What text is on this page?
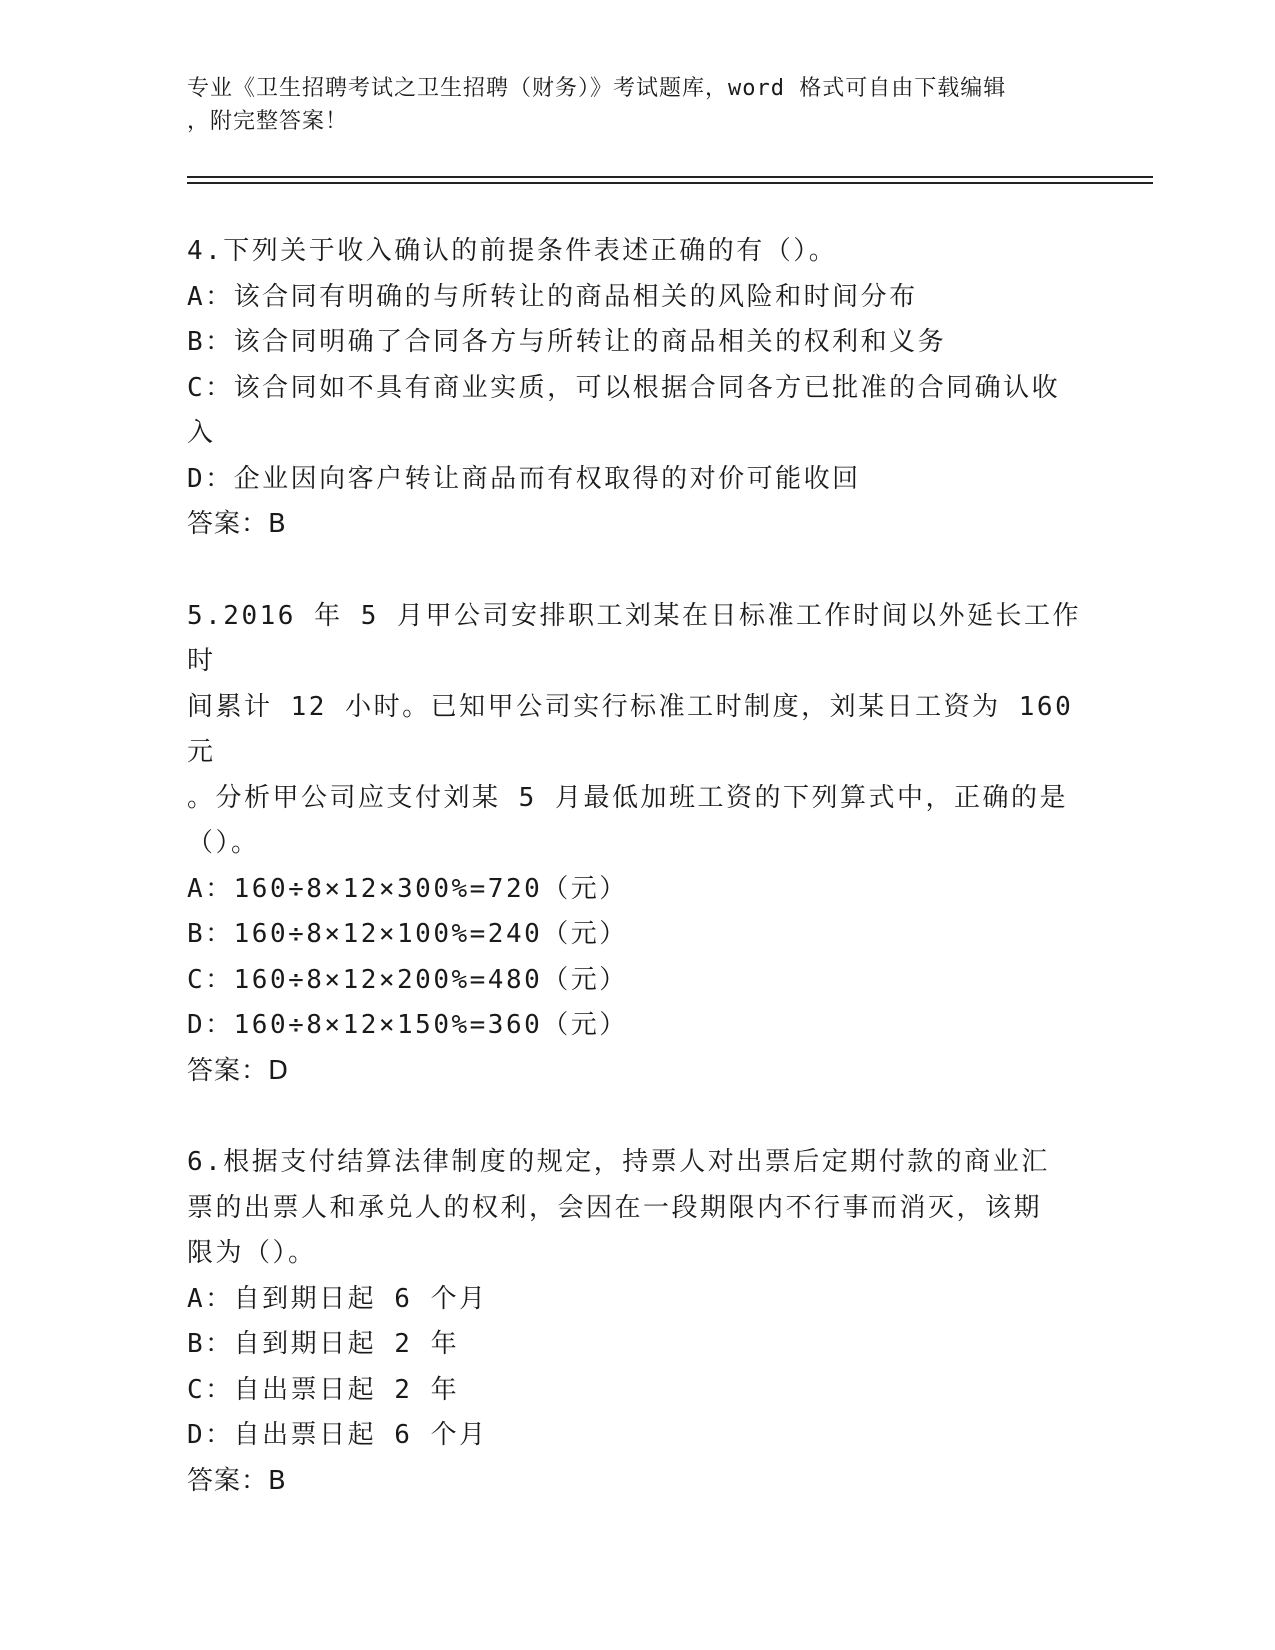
专业《卫生招聘考试之卫生招聘（财务）》考试题库，word 格式可自由下载编辑
，附完整答案！
4.下列关于收入确认的前提条件表述正确的有（）。
A：该合同有明确的与所转让的商品相关的风险和时间分布
B：该合同明确了合同各方与所转让的商品相关的权利和义务
C：该合同如不具有商业实质，可以根据合同各方已批准的合同确认收
入
D：企业因向客户转让商品而有权取得的对价可能收回
答案：B
5.2016 年 5 月甲公司安排职工刘某在日标准工作时间以外延长工作时
间累计 12 小时。已知甲公司实行标准工时制度，刘某日工资为 160 元
。分析甲公司应支付刘某 5 月最低加班工资的下列算式中，正确的是
（）。
A：160÷8×12×300%=720（元）
B：160÷8×12×100%=240（元）
C：160÷8×12×200%=480（元）
D：160÷8×12×150%=360（元）
答案：D
6.根据支付结算法律制度的规定，持票人对出票后定期付款的商业汇
票的出票人和承兑人的权利，会因在一段期限内不行事而消灭，该期
限为（）。
A：自到期日起 6 个月
B：自到期日起 2 年
C：自出票日起 2 年
D：自出票日起 6 个月
答案：B
